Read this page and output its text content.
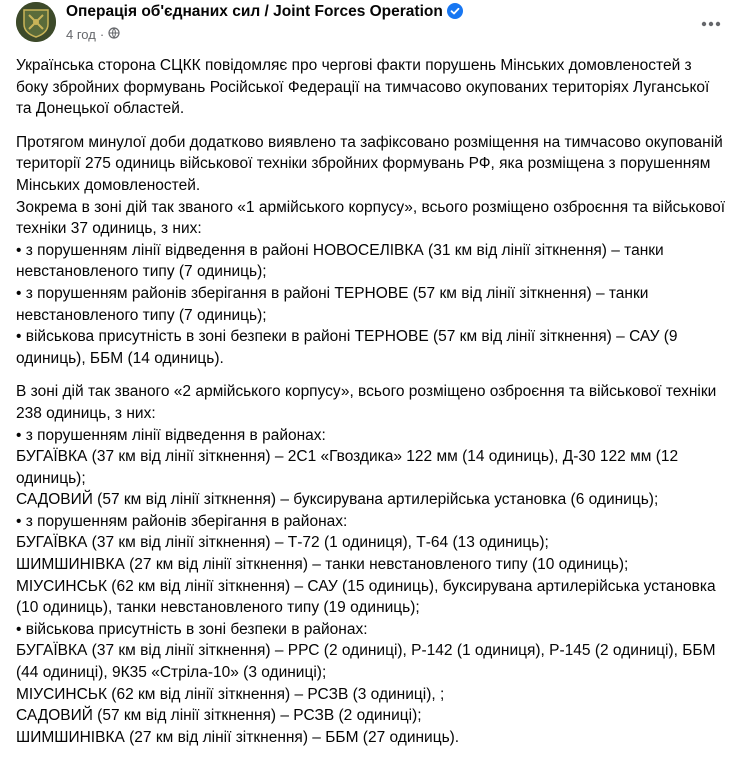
Операція об'єднаних сил / Joint Forces Operation
4 год ·

Українська сторона СЦКК повідомляє про чергові факти порушень Мінських домовленостей з боку збройних формувань Російської Федерації на тимчасово окупованих територіях Луганської та Донецької областей.

Протягом минулої доби додатково виявлено та зафіксовано розміщення на тимчасово окупованій території 275 одиниць військової техніки збройних формувань РФ, яка розміщена з порушенням Мінських домовленостей.
Зокрема в зоні дій так званого «1 армійського корпусу», всього розміщено озброєння та військової техніки 37 одиниць, з них:
• з порушенням лінії відведення в районі НОВОСЕЛІВКА (31 км від лінії зіткнення) – танки невстановленого типу (7 одиниць);
• з порушенням районів зберігання в районі ТЕРНОВЕ (57 км від лінії зіткнення) – танки невстановленого типу (7 одиниць);
• військова присутність в зоні безпеки в районі ТЕРНОВЕ (57 км від лінії зіткнення) – САУ (9 одиниць), ББМ (14 одиниць).

В зоні дій так званого «2 армійського корпусу», всього розміщено озброєння та військової техніки 238 одиниць, з них:
• з порушенням лінії відведення в районах:
БУГАЇВКА (37 км від лінії зіткнення) – 2С1 «Гвоздика» 122 мм (14 одиниць), Д-30 122 мм (12 одиниць);
САДОВИЙ (57 км від лінії зіткнення) – буксирувана артилерійська установка (6 одиниць);
• з порушенням районів зберігання в районах:
БУГАЇВКА (37 км від лінії зіткнення) – Т-72 (1 одиниця), Т-64 (13 одиниць);
ШИМШИНІВКА (27 км від лінії зіткнення) – танки невстановленого типу (10 одиниць);
МІУСИНСЬК (62 км від лінії зіткнення) – САУ (15 одиниць), буксирувана артилерійська установка (10 одиниць), танки невстановленого типу (19 одиниць);
• військова присутність в зоні безпеки в районах:
БУГАЇВКА (37 км від лінії зіткнення) – РРС (2 одиниці), Р-142 (1 одиниця), Р-145 (2 одиниці), ББМ (44 одиниці), 9К35 «Стріла-10» (3 одиниці);
МІУСИНСЬК (62 км від лінії зіткнення) – РСЗВ (3 одиниці), ;
САДОВИЙ (57 км від лінії зіткнення) – РСЗВ (2 одиниці);
ШИМШИНІВКА (27 км від лінії зіткнення) – ББМ (27 одиниць).
